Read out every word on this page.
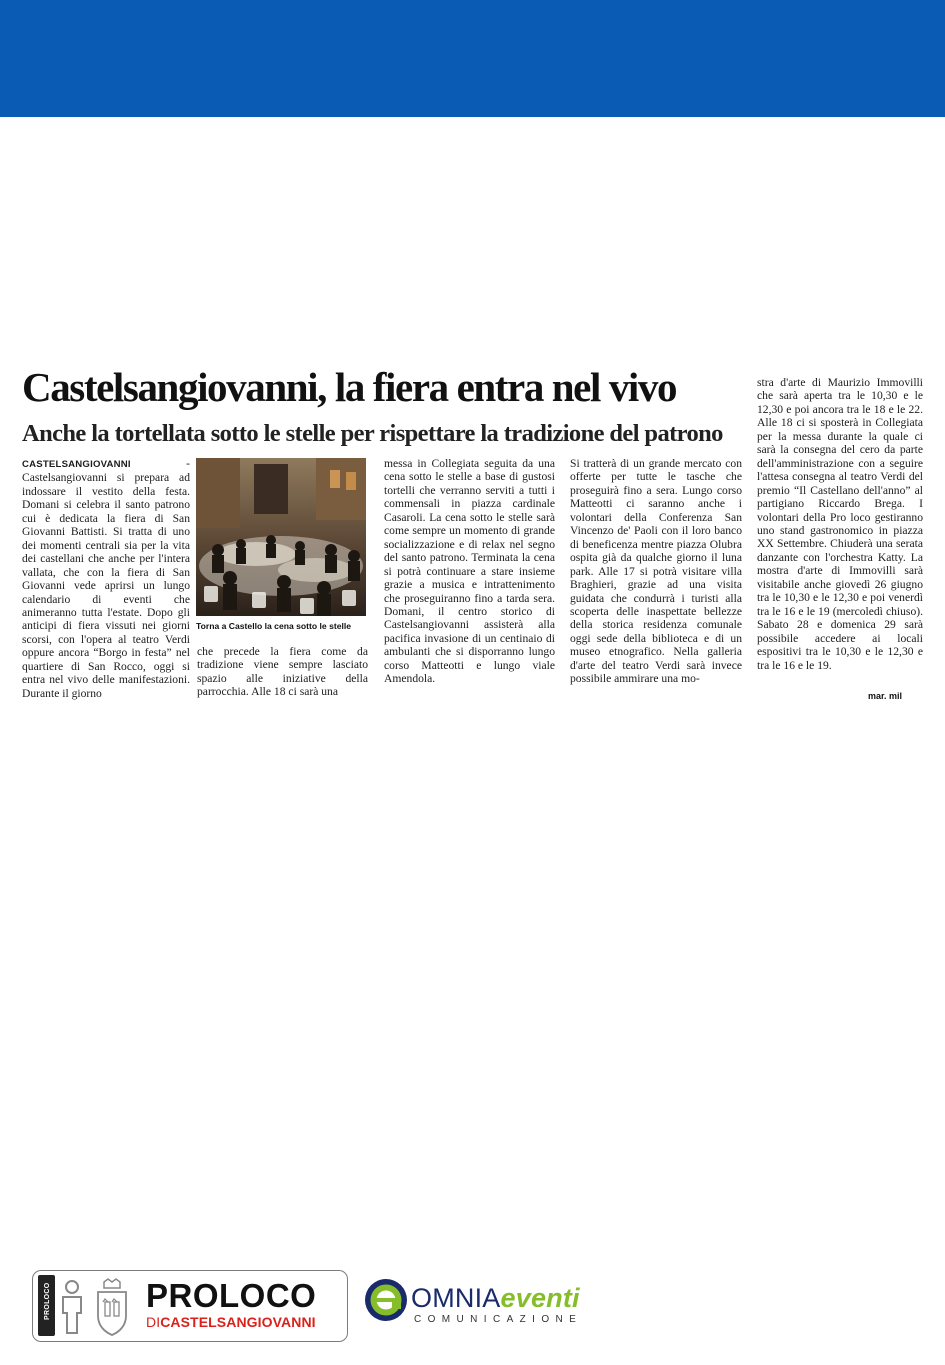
Castelsangiovanni, la fiera entra nel vivo
Anche la tortellata sotto le stelle per rispettare la tradizione del patrono

CASTELSANGIOVANNI - Castelsangiovanni si prepara ad indossare il vestito della festa. Domani si celebra il santo patrono cui è dedicata la fiera di San Giovanni Battisti. Si tratta di uno dei momenti centrali sia per la vita dei castellani che anche per l'intera vallata, che con la fiera di San Giovanni vede aprirsi un lungo calendario di eventi che animeranno tutta l'estate. Dopo gli anticipi di fiera vissuti nei giorni scorsi, con l'opera al teatro Verdi oppure ancora “Borgo in festa” nel quartiere di San Rocco, oggi si entra nel vivo delle manifestazioni. Durante il giorno

Torna a Castello la cena sotto le stelle

che precede la fiera come da tradizione viene sempre lasciato spazio alle iniziative della parrocchia. Alle 18 ci sarà una

messa in Collegiata seguita da una cena sotto le stelle a base di gustosi tortelli che verranno serviti a tutti i commensali in piazza cardinale Casaroli. La cena sotto le stelle sarà come sempre un momento di grande socializzazione e di relax nel segno del santo patrono. Terminata la cena si potrà continuare a stare insieme grazie a musica e intrattenimento che proseguiranno fino a tarda sera. Domani, il centro storico di Castelsangiovanni assisterà alla pacifica invasione di un centinaio di ambulanti che si disporranno lungo corso Matteotti e lungo viale Amendola.

Si tratterà di un grande mercato con offerte per tutte le tasche che proseguirà fino a sera. Lungo corso Matteotti ci saranno anche i volontari della Conferenza San Vincenzo de' Paoli con il loro banco di beneficenza mentre piazza Olubra ospita già da qualche giorno il luna park. Alle 17 si potrà visitare villa Braghieri, grazie ad una visita guidata che condurrà i turisti alla scoperta delle inaspettate bellezze della storica residenza comunale oggi sede della biblioteca e di un museo etnografico. Nella galleria d'arte del teatro Verdi sarà invece possibile ammirare una mo-

stra d'arte di Maurizio Immovilli che sarà aperta tra le 10,30 e le 12,30 e poi ancora tra le 18 e le 22. Alle 18 ci si sposterà in Collegiata per la messa durante la quale ci sarà la consegna del cero da parte dell'amministrazione con a seguire l'attesa consegna al teatro Verdi del premio “Il Castellano dell'anno” al partigiano Riccardo Brega. I volontari della Pro loco gestiranno uno stand gastronomico in piazza XX Settembre. Chiuderà una serata danzante con l'orchestra Katty. La mostra d'arte di Immovilli sarà visitabile anche giovedì 26 giugno tra le 10,30 e le 12,30 e poi venerdì tra le 16 e le 19 (mercoledì chiuso). Sabato 28 e domenica 29 sarà possibile accedere ai locali espositivi tra le 10,30 e le 12,30 e tra le 16 e le 19.

mar. mil

PROLOCO	PROLOCO

DICASTELSANGIOVANNI

OMNIAeventi

COMUNICAZIONE
